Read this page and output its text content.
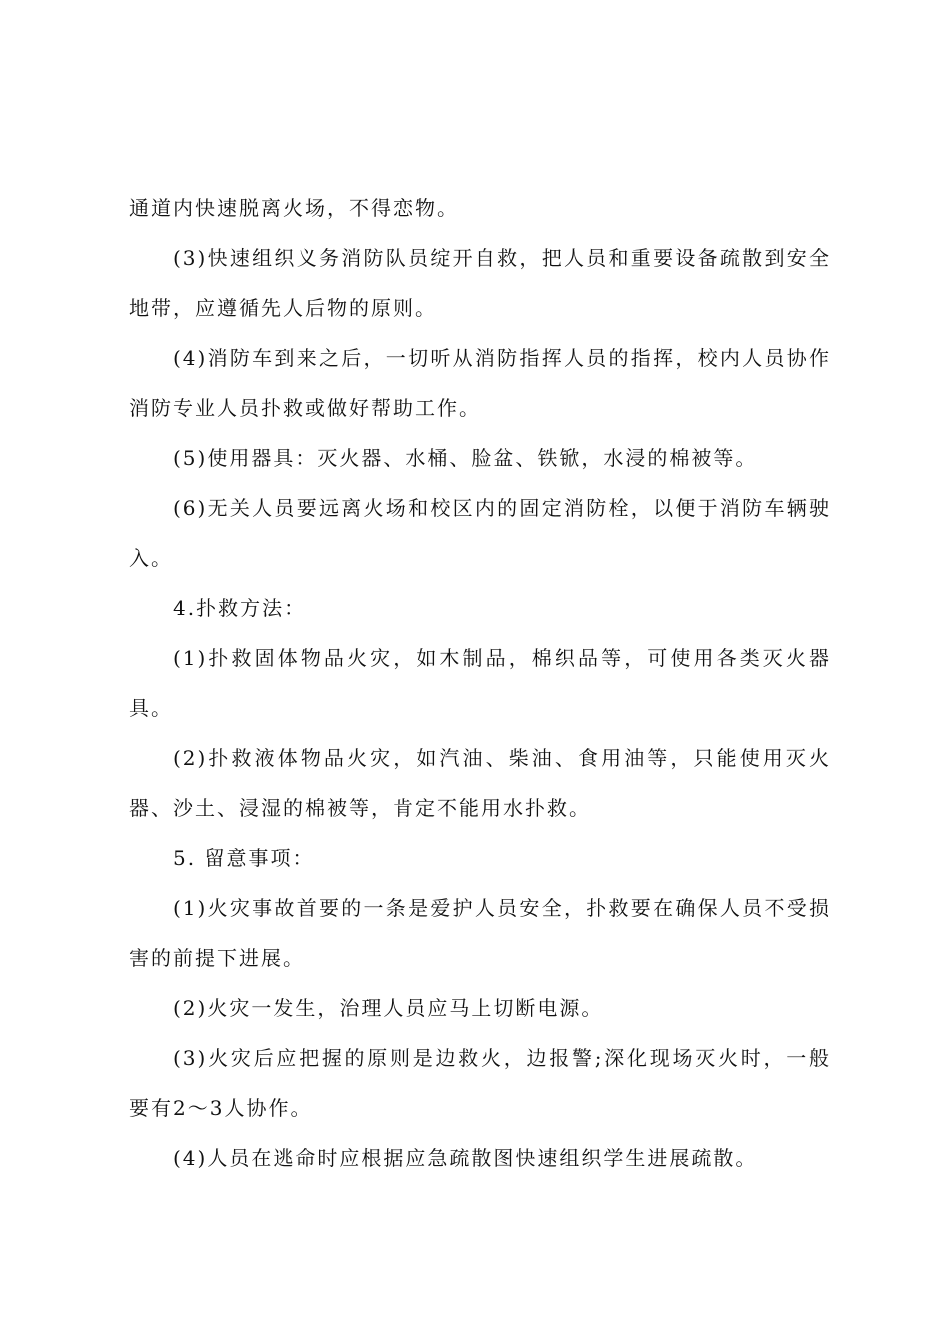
通道内快速脱离火场，不得恋物。

(3)快速组织义务消防队员绽开自救，把人员和重要设备疏散到安全地带，应遵循先人后物的原则。

(4)消防车到来之后，一切听从消防指挥人员的指挥，校内人员协作消防专业人员扑救或做好帮助工作。

(5)使用器具：灭火器、水桶、脸盆、铁锨，水浸的棉被等。

(6)无关人员要远离火场和校区内的固定消防栓，以便于消防车辆驶入。

4.扑救方法：

(1)扑救固体物品火灾，如木制品，棉织品等，可使用各类灭火器具。

(2)扑救液体物品火灾，如汽油、柴油、食用油等，只能使用灭火器、沙土、浸湿的棉被等，肯定不能用水扑救。

5. 留意事项：

(1)火灾事故首要的一条是爱护人员安全，扑救要在确保人员不受损害的前提下进展。

(2)火灾一发生，治理人员应马上切断电源。

(3)火灾后应把握的原则是边救火，边报警;深化现场灭火时，一般要有2～3人协作。

(4)人员在逃命时应根据应急疏散图快速组织学生进展疏散。
